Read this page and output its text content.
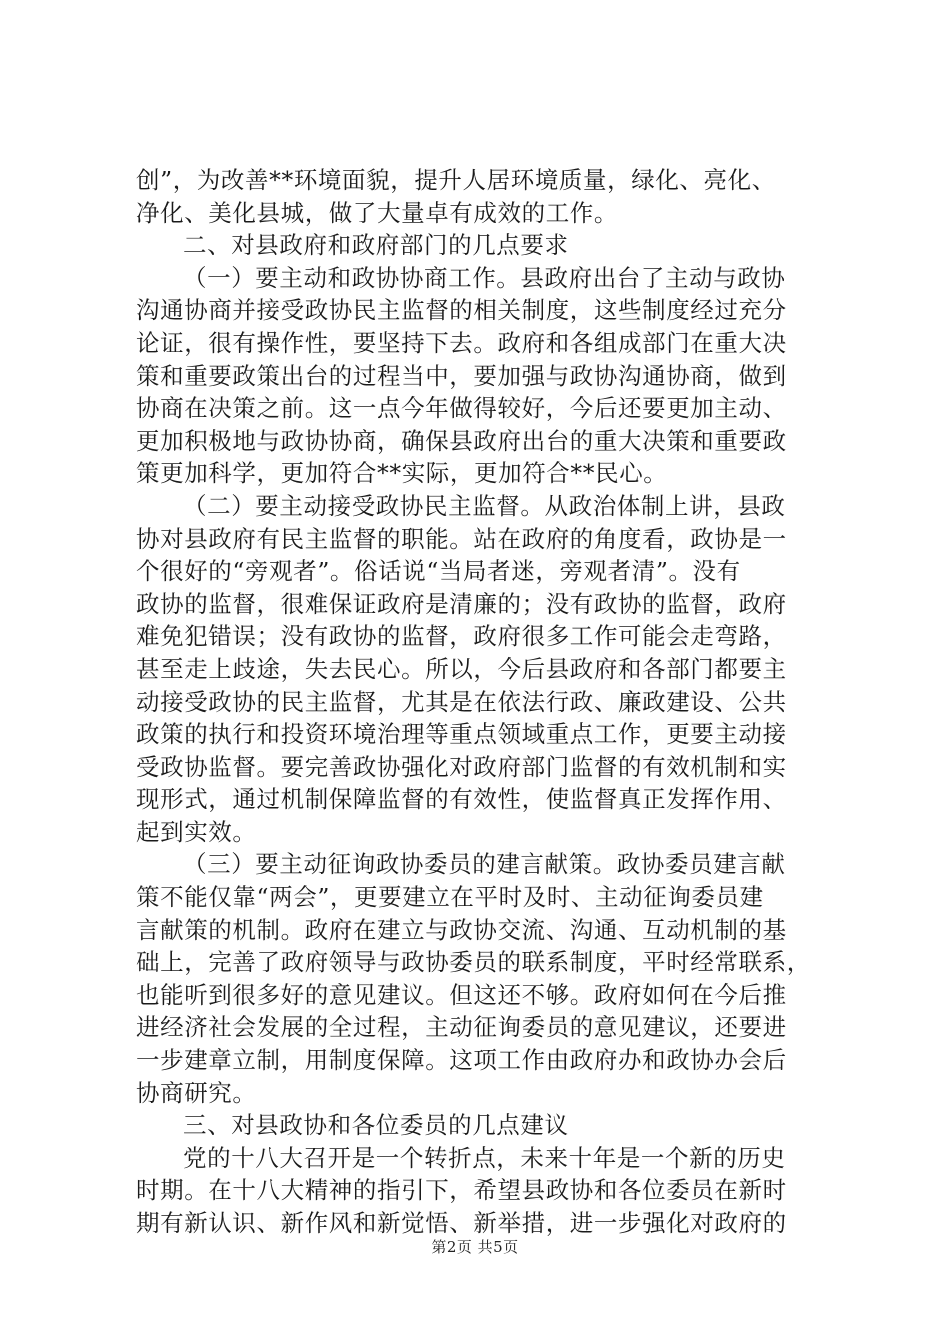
创”，为改善**环境面貌，提升人居环境质量，绿化、亮化、
净化、美化县城，做了大量卓有成效的工作。
二、对县政府和政府部门的几点要求
（一）要主动和政协协商工作。县政府出台了主动与政协
沟通协商并接受政协民主监督的相关制度，这些制度经过充分
论证，很有操作性，要坚持下去。政府和各组成部门在重大决
策和重要政策出台的过程当中，要加强与政协沟通协商，做到
协商在决策之前。这一点今年做得较好，今后还要更加主动、
更加积极地与政协协商，确保县政府出台的重大决策和重要政
策更加科学，更加符合**实际，更加符合**民心。
（二）要主动接受政协民主监督。从政治体制上讲，县政
协对县政府有民主监督的职能。站在政府的角度看，政协是一
个很好的“旁观者”。俗话说“当局者迷，旁观者清”。没有
政协的监督，很难保证政府是清廉的；没有政协的监督，政府
难免犯错误；没有政协的监督，政府很多工作可能会走弯路，
甚至走上歧途，失去民心。所以，今后县政府和各部门都要主
动接受政协的民主监督，尤其是在依法行政、廉政建设、公共
政策的执行和投资环境治理等重点领域重点工作，更要主动接
受政协监督。要完善政协强化对政府部门监督的有效机制和实
现形式，通过机制保障监督的有效性，使监督真正发挥作用、
起到实效。
（三）要主动征询政协委员的建言献策。政协委员建言献
策不能仅靠“两会”，更要建立在平时及时、主动征询委员建
言献策的机制。政府在建立与政协交流、沟通、互动机制的基
础上，完善了政府领导与政协委员的联系制度，平时经常联系，
也能听到很多好的意见建议。但这还不够。政府如何在今后推
进经济社会发展的全过程，主动征询委员的意见建议，还要进
一步建章立制，用制度保障。这项工作由政府办和政协办会后
协商研究。
三、对县政协和各位委员的几点建议
党的十八大召开是一个转折点，未来十年是一个新的历史
时期。在十八大精神的指引下，希望县政协和各位委员在新时
期有新认识、新作风和新觉悟、新举措，进一步强化对政府的
第2页 共5页
